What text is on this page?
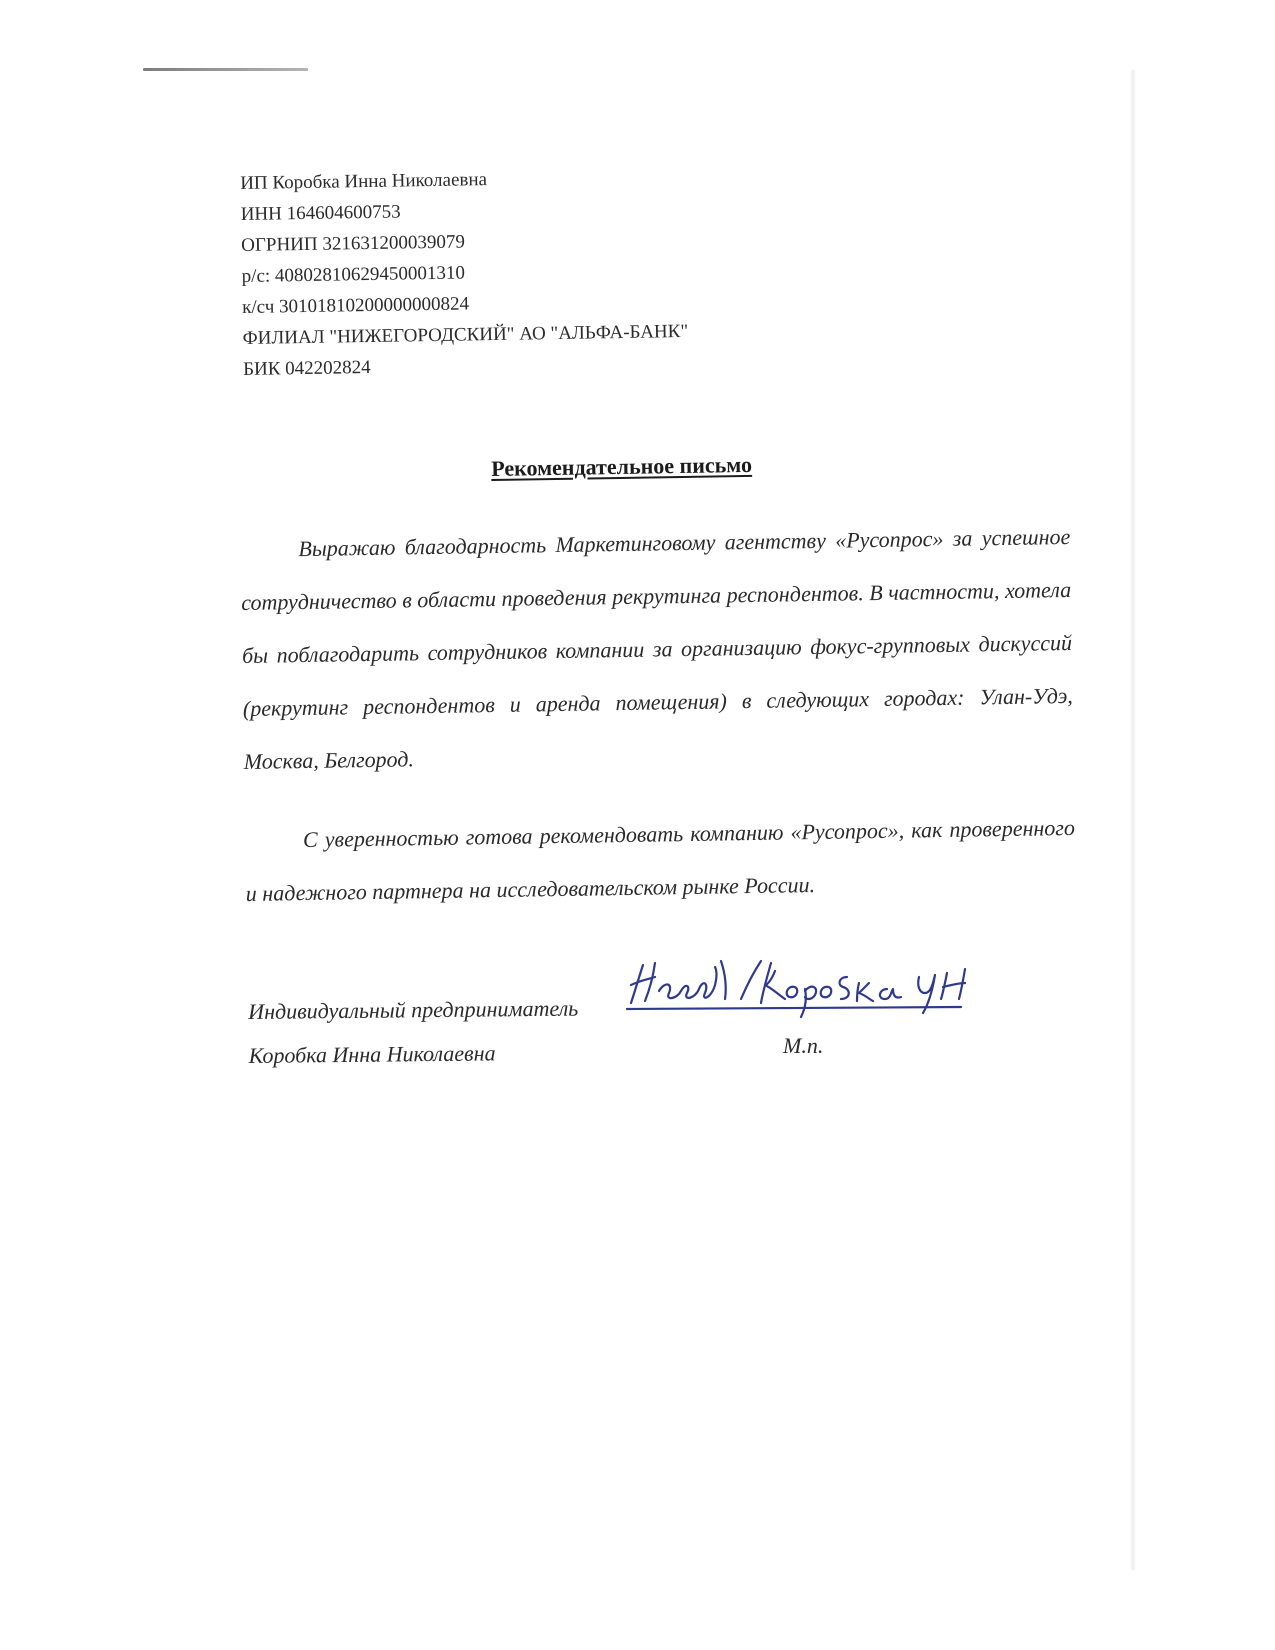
ИП Коробка Инна Николаевна
ИНН 164604600753
ОГРНИП 321631200039079
р/с: 40802810629450001310
к/сч 30101810200000000824
ФИЛИАЛ "НИЖЕГОРОДСКИЙ" АО "АЛЬФА-БАНК"
БИК 042202824
Рекомендательное письмо

Выражаю благодарность Маркетинговому агентству «Русопрос» за успешное сотрудничество в области проведения рекрутинга респондентов. В частности, хотела бы поблагодарить сотрудников компании за организацию фокус-групповых дискуссий (рекрутинг респондентов и аренда помещения) в следующих городах: Улан-Удэ, Москва, Белгород.

С уверенностью готова рекомендовать компанию «Русопрос», как проверенного и надежного партнера на исследовательском рынке России.

Индивидуальный предприниматель
Коробка Инна Николаевна	М.п.
